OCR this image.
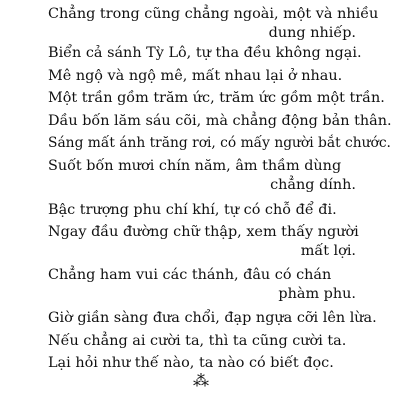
Chẳng trong cũng chẳng ngoài, một và nhiều
dung nhiếp.
Biển cả sánh Tỳ Lô, tự tha đều không ngại.
Mê ngộ và ngộ mê, mất nhau lại ở nhau.
Một trần gồm trăm ức, trăm ức gồm một trần.
Dầu bốn lăm sáu cõi, mà chẳng động bản thân.
Sáng mất ánh trăng rơi, có mấy người bắt chước.
Suốt bốn mươi chín năm, âm thầm dùng
chẳng dính.
Bậc trượng phu chí khí, tự có chỗ để đi.
Ngay đầu đường chữ thập, xem thấy người
mất lợi.
Chẳng ham vui các thánh, đâu có chán
phàm phu.
Giờ giần sàng đưa chổi, đạp ngựa cỡi lên lừa.
Nếu chẳng ai cười ta, thì ta cũng cười ta.
Lại hỏi như thế nào, ta nào có biết đọc.
⁂
